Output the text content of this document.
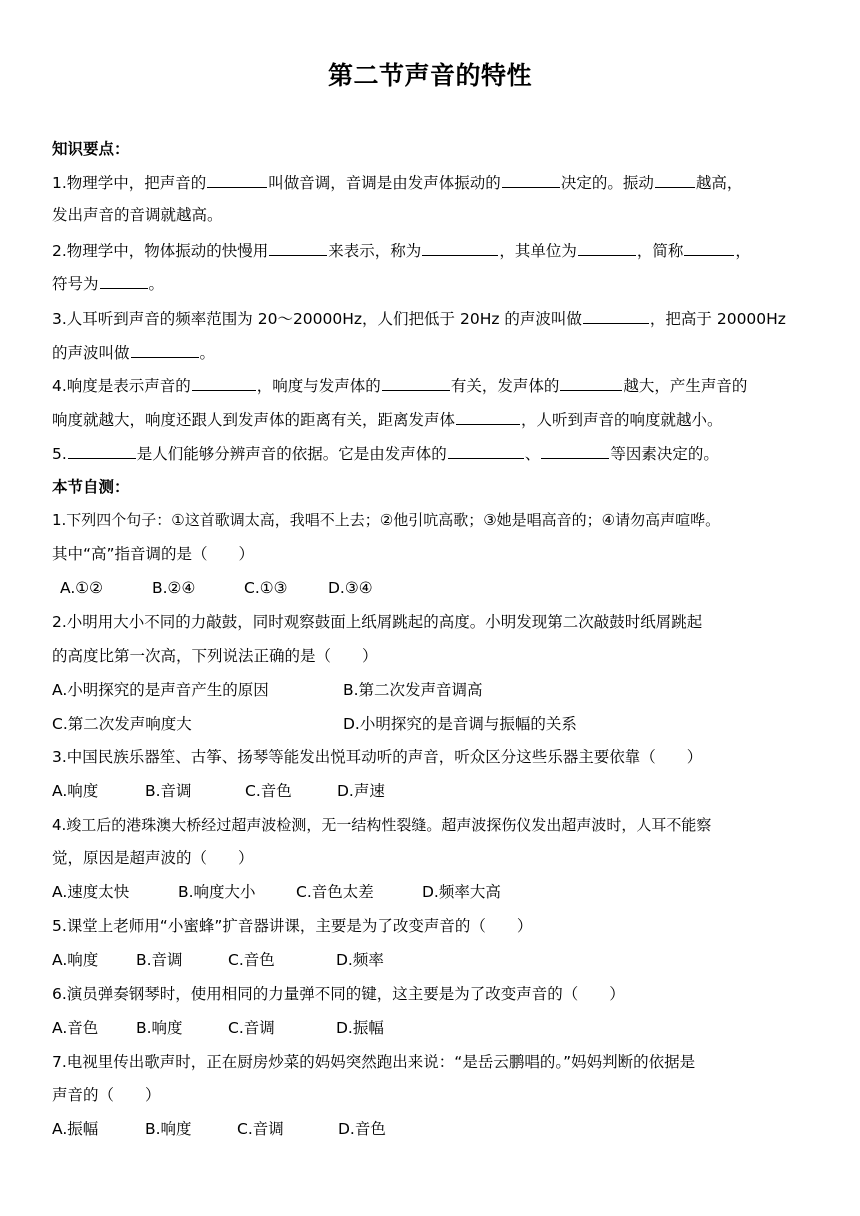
第二节声音的特性
知识要点：
1.物理学中，把声音的	叫做音调，音调是由发声体振动的	决定的。振动	越高，
发出声音的音调就越高。
2.物理学中，物体振动的快慢用	来表示，称为	，其单位为	，简称	，
符号为	。
3.人耳听到声音的频率范围为 20～20000Hz，人们把低于 20Hz 的声波叫做	，把高于 20000Hz
的声波叫做	。
4.响度是表示声音的	，响度与发声体的	有关，发声体的	越大，产生声音的
响度就越大，响度还跟人到发声体的距离有关，距离发声体	，人听到声音的响度就越小。
5.	是人们能够分辨声音的依据。它是由发声体的	、	等因素决定的。
本节自测：
1.下列四个句子：①这首歌调太高，我唱不上去；②他引吭高歌；③她是唱高音的；④请勿高声喧哗。
其中“高”指音调的是（　　）
A.①②	B.②④	C.①③	D.③④
2.小明用大小不同的力敲鼓，同时观察鼓面上纸屑跳起的高度。小明发现第二次敲鼓时纸屑跳起
的高度比第一次高，下列说法正确的是（　　）
A.小明探究的是声音产生的原因	B.第二次发声音调高
C.第二次发声响度大	D.小明探究的是音调与振幅的关系
3.中国民族乐器笙、古筝、扬琴等能发出悦耳动听的声音，听众区分这些乐器主要依靠（　　）
A.响度	B.音调	C.音色	D.声速
4.竣工后的港珠澳大桥经过超声波检测，无一结构性裂缝。超声波探伤仪发出超声波时，人耳不能察
觉，原因是超声波的（　　）
A.速度太快	B.响度大小	C.音色太差	D.频率大高
5.课堂上老师用“小蜜蜂”扩音器讲课，主要是为了改变声音的（　　）
A.响度 B.音调	C.音色	D.频率
6.演员弹奏钢琴时，使用相同的力量弹不同的键，这主要是为了改变声音的（　　）
A.音色 B.响度	C.音调	D.振幅
7.电视里传出歌声时，正在厨房炒菜的妈妈突然跑出来说：“是岳云鹏唱的。”妈妈判断的依据是
声音的（　　）
A.振幅	B.响度	C.音调	D.音色
